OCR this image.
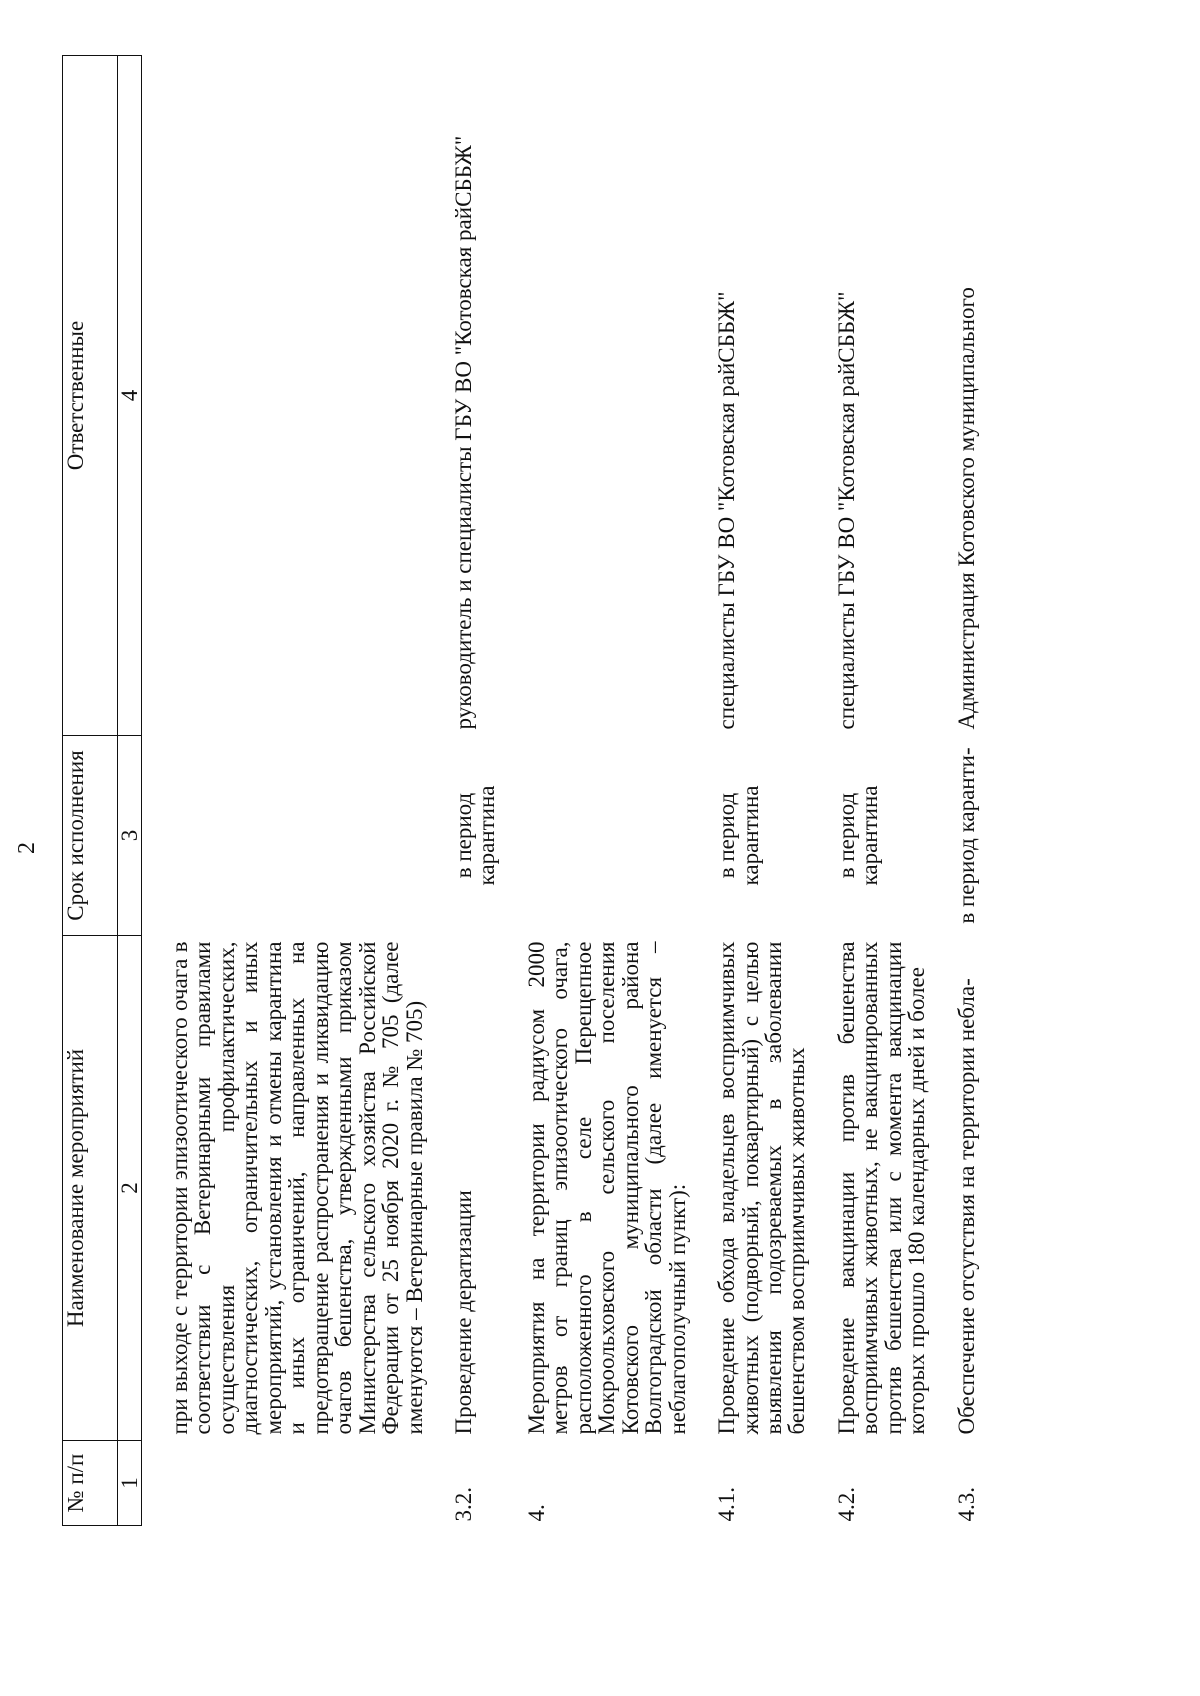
2
№ п/п	Наименование мероприятий	Срок исполнения	Ответственные
1	2	3	4
	при выходе с территории эпизоотического очага в соответствии с Ветеринарными правилами осуществления профилактических, диагностических, ограничительных и иных мероприятий, установления и отмены карантина и иных ограничений, направленных на предотвращение распространения и ликвидацию очагов бешенства, утвержденными приказом Министерства сельского хозяйства Российской Федерации от 25 ноября 2020 г. № 705 (далее именуются – Ветеринарные правила № 705)		
3.2.	Проведение дератизации	в период карантина	руководитель и специалисты ГБУ ВО "Котовская райСББЖ"
4.	Мероприятия на территории радиусом 2000 метров от границ эпизоотического очага, расположенного в селе Перещепное Мокроольховского сельского поселения Котовского муниципального района Волгоградской области (далее именуется – неблагополучный пункт):		
4.1.	Проведение обхода владельцев восприимчивых животных (подворный, поквартирный) с целью выявления подозреваемых в заболевании бешенством восприимчивых животных	в период карантина	специалисты ГБУ ВО "Котовская райСББЖ"
4.2.	Проведение вакцинации против бешенства восприимчивых животных, не вакцинированных против бешенства или с момента вакцинации которых прошло 180 календарных дней и более	в период карантина	специалисты ГБУ ВО "Котовская райСББЖ"
4.3.	Обеспечение отсутствия на территории небла-	в период каранти-	Администрация Котовского муниципального
